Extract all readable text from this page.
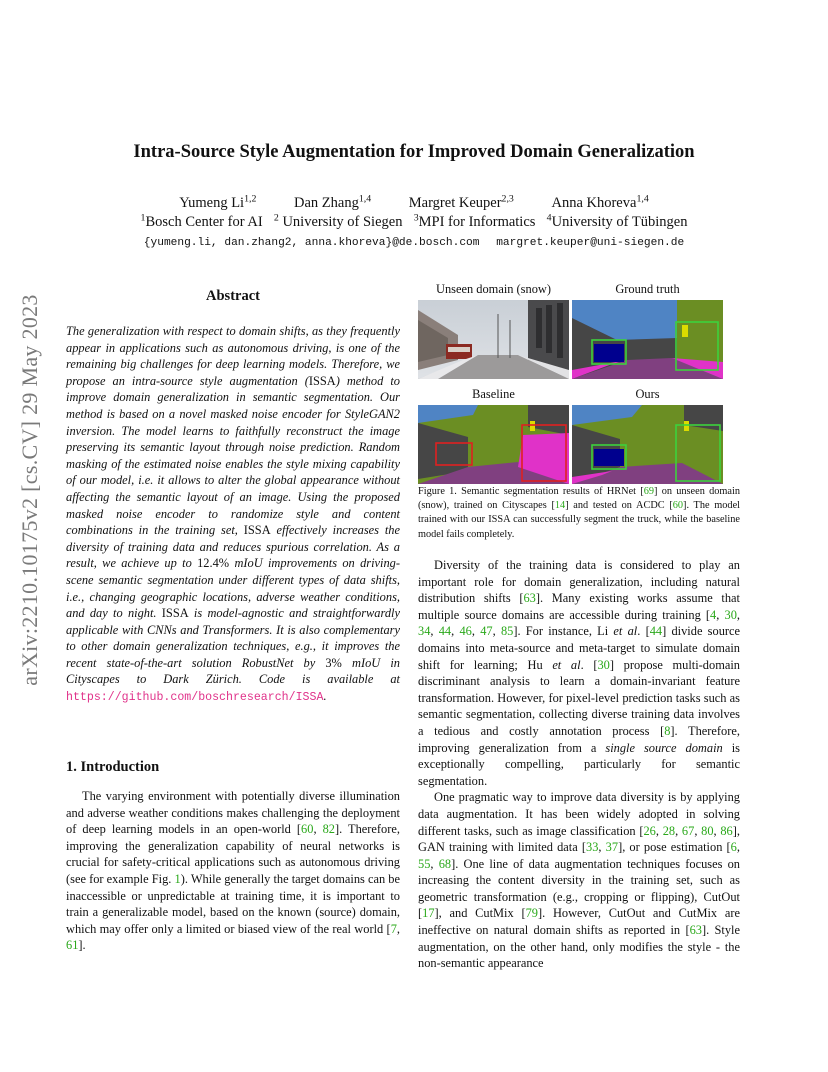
arXiv:2210.10175v2 [cs.CV] 29 May 2023
Intra-Source Style Augmentation for Improved Domain Generalization
Yumeng Li$^{1,2}$	Dan Zhang$^{1,4}$	Margret Keuper$^{2,3}$	Anna Khoreva$^{1,4}$
$^1$Bosch Center for AI $^2$ University of Siegen $^3$MPI for Informatics $^4$University of Tübingen
{yumeng.li, dan.zhang2, anna.khoreva}@de.bosch.com margret.keuper@uni-siegen.de
Abstract

The generalization with respect to domain shifts, as they frequently appear in applications such as autonomous driving, is one of the remaining big challenges for deep learning models. Therefore, we propose an intra-source style augmentation (ISSA) method to improve domain generalization in semantic segmentation. Our method is based on a novel masked noise encoder for StyleGAN2 inversion. The model learns to faithfully reconstruct the image preserving its semantic layout through noise prediction. Random masking of the estimated noise enables the style mixing capability of our model, i.e. it allows to alter the global appearance without affecting the semantic layout of an image. Using the proposed masked noise encoder to randomize style and content combinations in the training set, ISSA effectively increases the diversity of training data and reduces spurious correlation. As a result, we achieve up to 12.4% mIoU improvements on driving-scene semantic segmentation under different types of data shifts, i.e., changing geographic locations, adverse weather conditions, and day to night. ISSA is model-agnostic and straightforwardly applicable with CNNs and Transformers. It is also complementary to other domain generalization techniques, e.g., it improves the recent state-of-the-art solution RobustNet by 3% mIoU in Cityscapes to Dark Zürich. Code is available at https://github.com/boschresearch/ISSA.

1. Introduction

The varying environment with potentially diverse illumination and adverse weather conditions makes challenging the deployment of deep learning models in an open-world [60, 82]. Therefore, improving the generalization capability of neural networks is crucial for safety-critical applications such as autonomous driving (see for example Fig. 1). While generally the target domains can be inaccessible or unpredictable at training time, it is important to train a generalizable model, based on the known (source) domain, which may offer only a limited or biased view of the real world [7, 61].

Unseen domain (snow)	Ground truth
Baseline	Ours

Figure 1. Semantic segmentation results of HRNet [69] on unseen domain (snow), trained on Cityscapes [14] and tested on ACDC [60]. The model trained with our ISSA can successfully segment the truck, while the baseline model fails completely.

Diversity of the training data is considered to play an important role for domain generalization, including natural distribution shifts [63]. Many existing works assume that multiple source domains are accessible during training [4, 30, 34, 44, 46, 47, 85]. For instance, Li et al. [44] divide source domains into meta-source and meta-target to simulate domain shift for learning; Hu et al. [30] propose multi-domain discriminant analysis to learn a domain-invariant feature transformation. However, for pixel-level prediction tasks such as semantic segmentation, collecting diverse training data involves a tedious and costly annotation process [8]. Therefore, improving generalization from a single source domain is exceptionally compelling, particularly for semantic segmentation.

One pragmatic way to improve data diversity is by applying data augmentation. It has been widely adopted in solving different tasks, such as image classification [26, 28, 67, 80, 86], GAN training with limited data [33, 37], or pose estimation [6, 55, 68]. One line of data augmentation techniques focuses on increasing the content diversity in the training set, such as geometric transformation (e.g., cropping or flipping), CutOut [17], and CutMix [79]. However, CutOut and CutMix are ineffective on natural domain shifts as reported in [63]. Style augmentation, on the other hand, only modifies the style - the non-semantic appearance
